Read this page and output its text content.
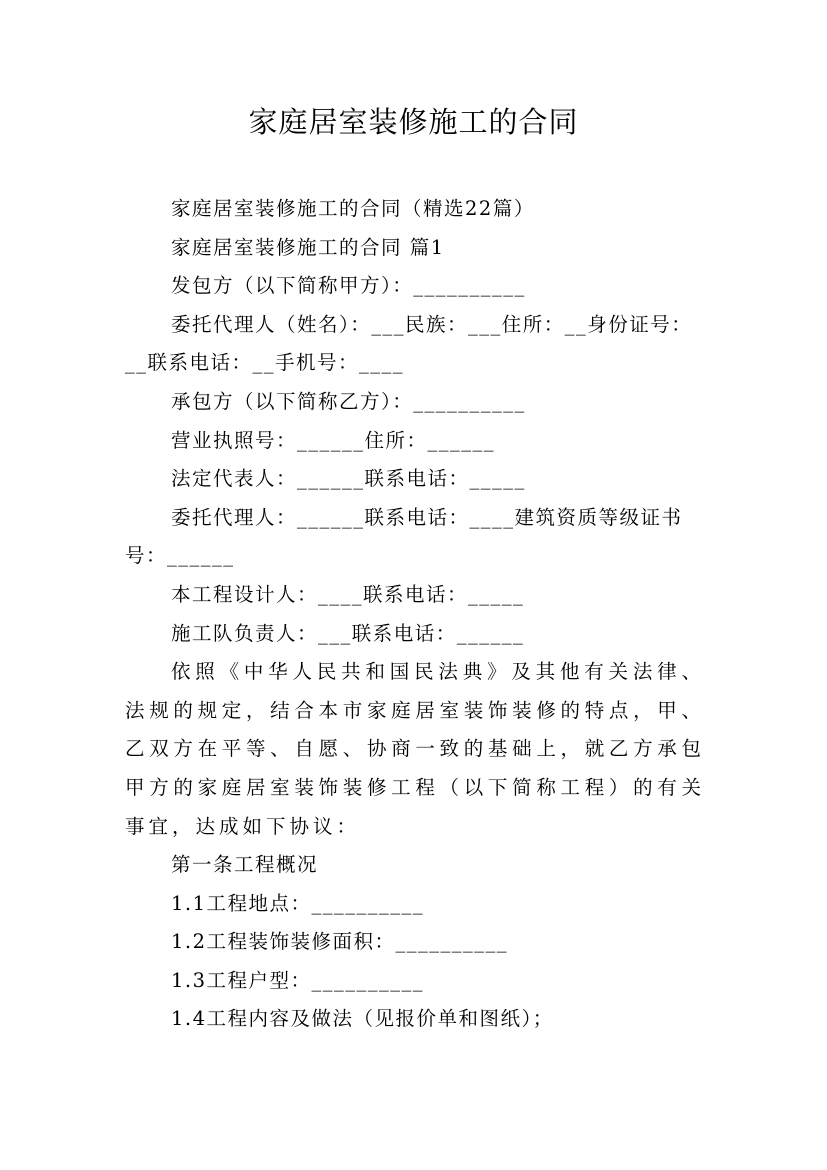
家庭居室装修施工的合同

家庭居室装修施工的合同（精选22篇）

家庭居室装修施工的合同 篇1

发包方（以下简称甲方）：__________

委托代理人（姓名）：___民族：___住所：__身份证号：

__联系电话：__手机号：____

承包方（以下简称乙方）：__________

营业执照号：______住所：______

法定代表人：______联系电话：_____

委托代理人：______联系电话：____建筑资质等级证书

号：______

本工程设计人：____联系电话：_____

施工队负责人：___联系电话：______

依照《中华人民共和国民法典》及其他有关法律、法规的规定，结合本市家庭居室装饰装修的特点，甲、乙双方在平等、自愿、协商一致的基础上，就乙方承包甲方的家庭居室装饰装修工程（以下简称工程）的有关事宜，达成如下协议：

第一条工程概况

1.1工程地点：__________

1.2工程装饰装修面积：__________

1.3工程户型：__________

1.4工程内容及做法（见报价单和图纸）；
